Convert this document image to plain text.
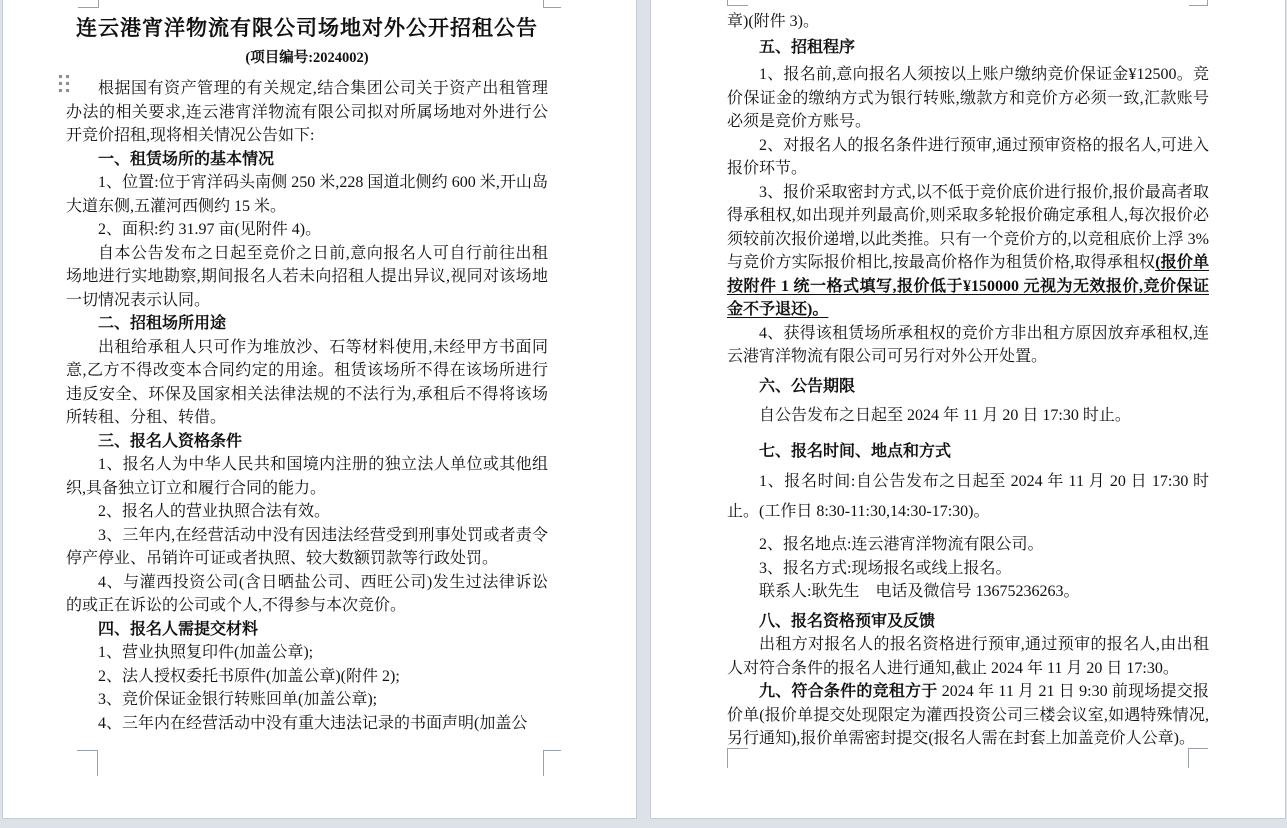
连云港宵洋物流有限公司场地对外公开招租公告
(项目编号:2024002)

根据国有资产管理的有关规定,结合集团公司关于资产出租管理办法的相关要求,连云港宵洋物流有限公司拟对所属场地对外进行公开竞价招租,现将相关情况公告如下:

一、租赁场所的基本情况

1、位置:位于宵洋码头南侧 250 米,228 国道北侧约 600 米,开山岛大道东侧,五灌河西侧约 15 米。

2、面积:约 31.97 亩(见附件 4)。

自本公告发布之日起至竞价之日前,意向报名人可自行前往出租场地进行实地勘察,期间报名人若未向招租人提出异议,视同对该场地一切情况表示认同。

二、招租场所用途

出租给承租人只可作为堆放沙、石等材料使用,未经甲方书面同意,乙方不得改变本合同约定的用途。租赁该场所不得在该场所进行违反安全、环保及国家相关法律法规的不法行为,承租后不得将该场所转租、分租、转借。

三、报名人资格条件

1、报名人为中华人民共和国境内注册的独立法人单位或其他组织,具备独立订立和履行合同的能力。

2、报名人的营业执照合法有效。

3、三年内,在经营活动中没有因违法经营受到刑事处罚或者责令停产停业、吊销许可证或者执照、较大数额罚款等行政处罚。

4、与灌西投资公司(含日晒盐公司、西旺公司)发生过法律诉讼的或正在诉讼的公司或个人,不得参与本次竞价。

四、报名人需提交材料

1、营业执照复印件(加盖公章);

2、法人授权委托书原件(加盖公章)(附件 2);

3、竞价保证金银行转账回单(加盖公章);

4、三年内在经营活动中没有重大违法记录的书面声明(加盖公

章)(附件 3)。

五、招租程序

1、报名前,意向报名人须按以上账户缴纳竞价保证金¥12500。竞价保证金的缴纳方式为银行转账,缴款方和竞价方必须一致,汇款账号必须是竞价方账号。

2、对报名人的报名条件进行预审,通过预审资格的报名人,可进入报价环节。

3、报价采取密封方式,以不低于竞价底价进行报价,报价最高者取得承租权,如出现并列最高价,则采取多轮报价确定承租人,每次报价必须较前次报价递增,以此类推。只有一个竞价方的,以竞租底价上浮 3%与竞价方实际报价相比,按最高价格作为租赁价格,取得承租权(报价单按附件 1 统一格式填写,报价低于¥150000 元视为无效报价,竞价保证金不予退还)。

4、获得该租赁场所承租权的竞价方非出租方原因放弃承租权,连云港宵洋物流有限公司可另行对外公开处置。

六、公告期限

自公告发布之日起至 2024 年 11 月 20 日 17:30 时止。

七、报名时间、地点和方式

1、报名时间:自公告发布之日起至 2024 年 11 月 20 日 17:30 时止。(工作日 8:30-11:30,14:30-17:30)。

2、报名地点:连云港宵洋物流有限公司。

3、报名方式:现场报名或线上报名。

联系人:耿先生　电话及微信号 13675236263。

八、报名资格预审及反馈

出租方对报名人的报名资格进行预审,通过预审的报名人,由出租人对符合条件的报名人进行通知,截止 2024 年 11 月 20 日 17:30。

九、符合条件的竞租方于 2024 年 11 月 21 日 9:30 前现场提交报价单(报价单提交处现限定为灌西投资公司三楼会议室,如遇特殊情况,另行通知),报价单需密封提交(报名人需在封套上加盖竞价人公章)。
